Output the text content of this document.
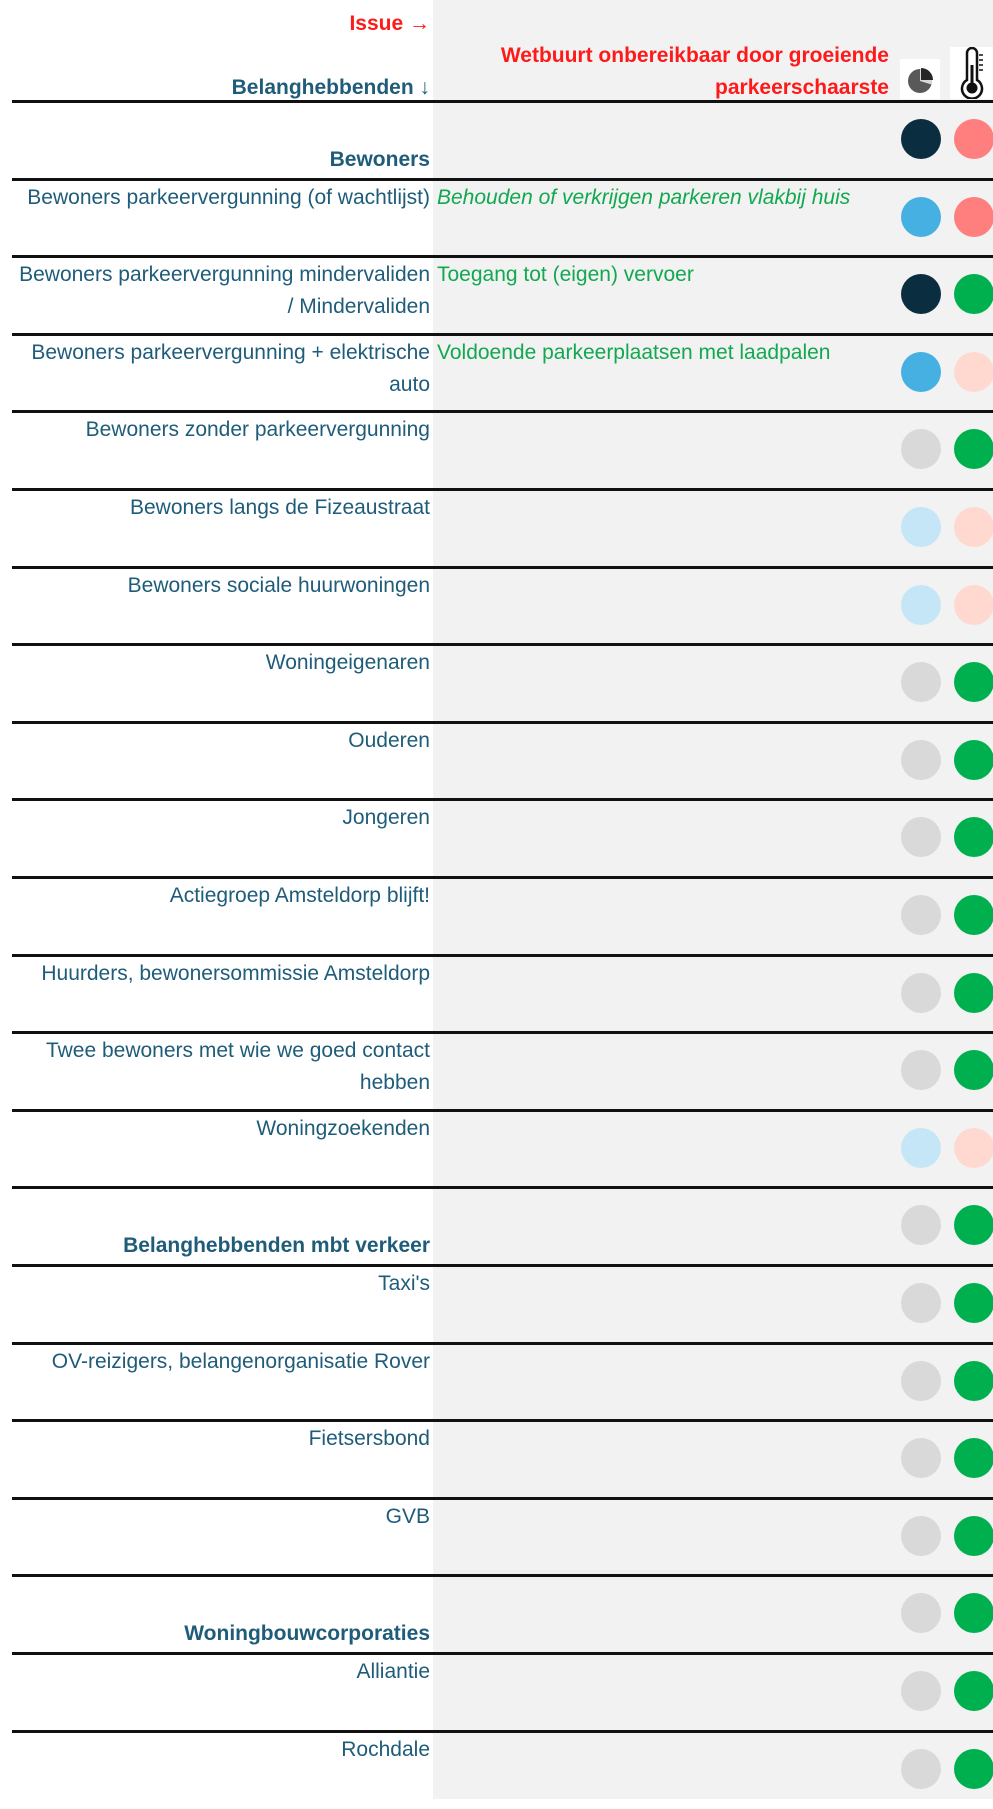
Issue →
Belanghebbenden ↓
Wetbuurt onbereikbaar door groeiende parkeerschaarste
Bewoners
Bewoners parkeervergunning (of wachtlijst) Behouden of verkrijgen parkeren vlakbij huis
Bewoners parkeervergunning mindervaliden / Mindervaliden
Toegang tot (eigen) vervoer
Bewoners parkeervergunning + elektrische auto
Voldoende parkeerplaatsen met laadpalen
Bewoners zonder parkeervergunning
Bewoners langs de Fizeaustraat
Bewoners sociale huurwoningen
Woningeigenaren
Ouderen
Jongeren
Actiegroep Amsteldorp blijft!
Huurders, bewonersommissie Amsteldorp
Twee bewoners met wie we goed contact hebben
Woningzoekenden
Belanghebbenden mbt verkeer
Taxi's
OV-reizigers, belangenorganisatie Rover
Fietsersbond
GVB
Woningbouwcorporaties
Alliantie
Rochdale
